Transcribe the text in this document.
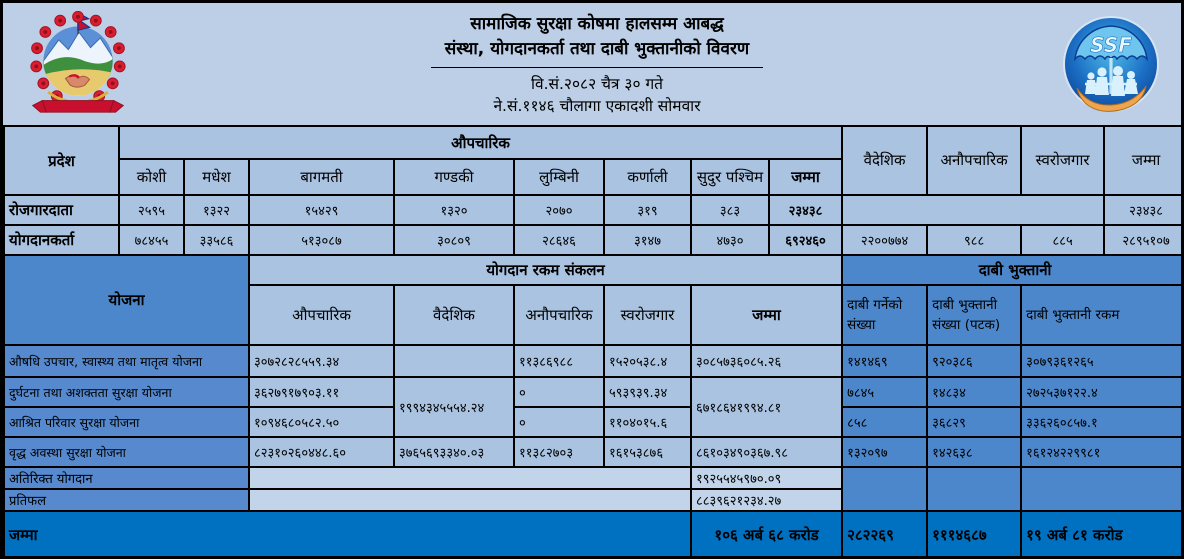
सामाजिक सुरक्षा कोषमा हालसम्म आबद्ध
संस्था, योगदानकर्ता तथा दाबी भुक्तानीको विवरण
वि.सं.२०८२ चैत्र ३० गते
ने.सं.११४६ चौलागा एकादशी सोमवार
SSF
प्रदेश	औपचारिक								वैदेशिक	अनौपचारिक	स्वरोजगार	जम्मा
	कोशी	मधेश	बागमती	गण्डकी	लुम्बिनी	कर्णाली	सुदुर पश्चिम	जम्मा				
रोजगारदाता	२५९५	१३२२	१५४२९	१३२०	२०७०	३१९	३८३	२३४३८				२३४३८
योगदानकर्ता	७८४५५	३३५८६	५१३०८७	३०८०९	२८६४६	३१४७	४७३०	६९२४६०	२२००७७४	९८८	८८५	२८९५१०७
योजना			योगदान रकम संकलन						दाबी भुक्तानी			
			औपचारिक	वैदेशिक	अनौपचारिक	स्वरोजगार	जम्मा		दाबी गर्नेको संख्या	दाबी भुक्तानी संख्या (पटक)	दाबी भुक्तानी रकम	
औषधि उपचार, स्वास्थ्य तथा मातृत्व योजना			३०७२८२८५५९.३४		११३८६९८८	१५२०५३८.४	३०८५७३६०८५.२६		१४१४६९	९२०३८६	३०७९३६१२६५	
दुर्घटना तथा अशक्तता सुरक्षा योजना			३६२७९१७९०३.११	१९९४३४५५५४.२४	०	५९३९३९.३४	६७१८६४१९९४.८१		७८४५	१४८३४	२७२५३७१२२.४	
आश्रित परिवार सुरक्षा योजना			१०९४६८०५८२.५०		०	११०४०१५.६			८५८	३६८२९	३३६२६०८५७.१	
वृद्ध अवस्था सुरक्षा योजना			८२३१०२६०४४८.६०	३७६५६९३३४०.०३	११३८२७०३	१६१५३८७६	८६१०३४९०३६७.९८		१३२०९७	१४२६३८	१६१२४२२९९८१	
अतिरिक्त योगदान							१९२५५४५९७०.०९					
प्रतिफल							८८३९६२१२३४.२७					
जम्मा							१०६ अर्ब ६८ करोड		२८२२६९	१११४६८७	१९ अर्ब ८१ करोड	
